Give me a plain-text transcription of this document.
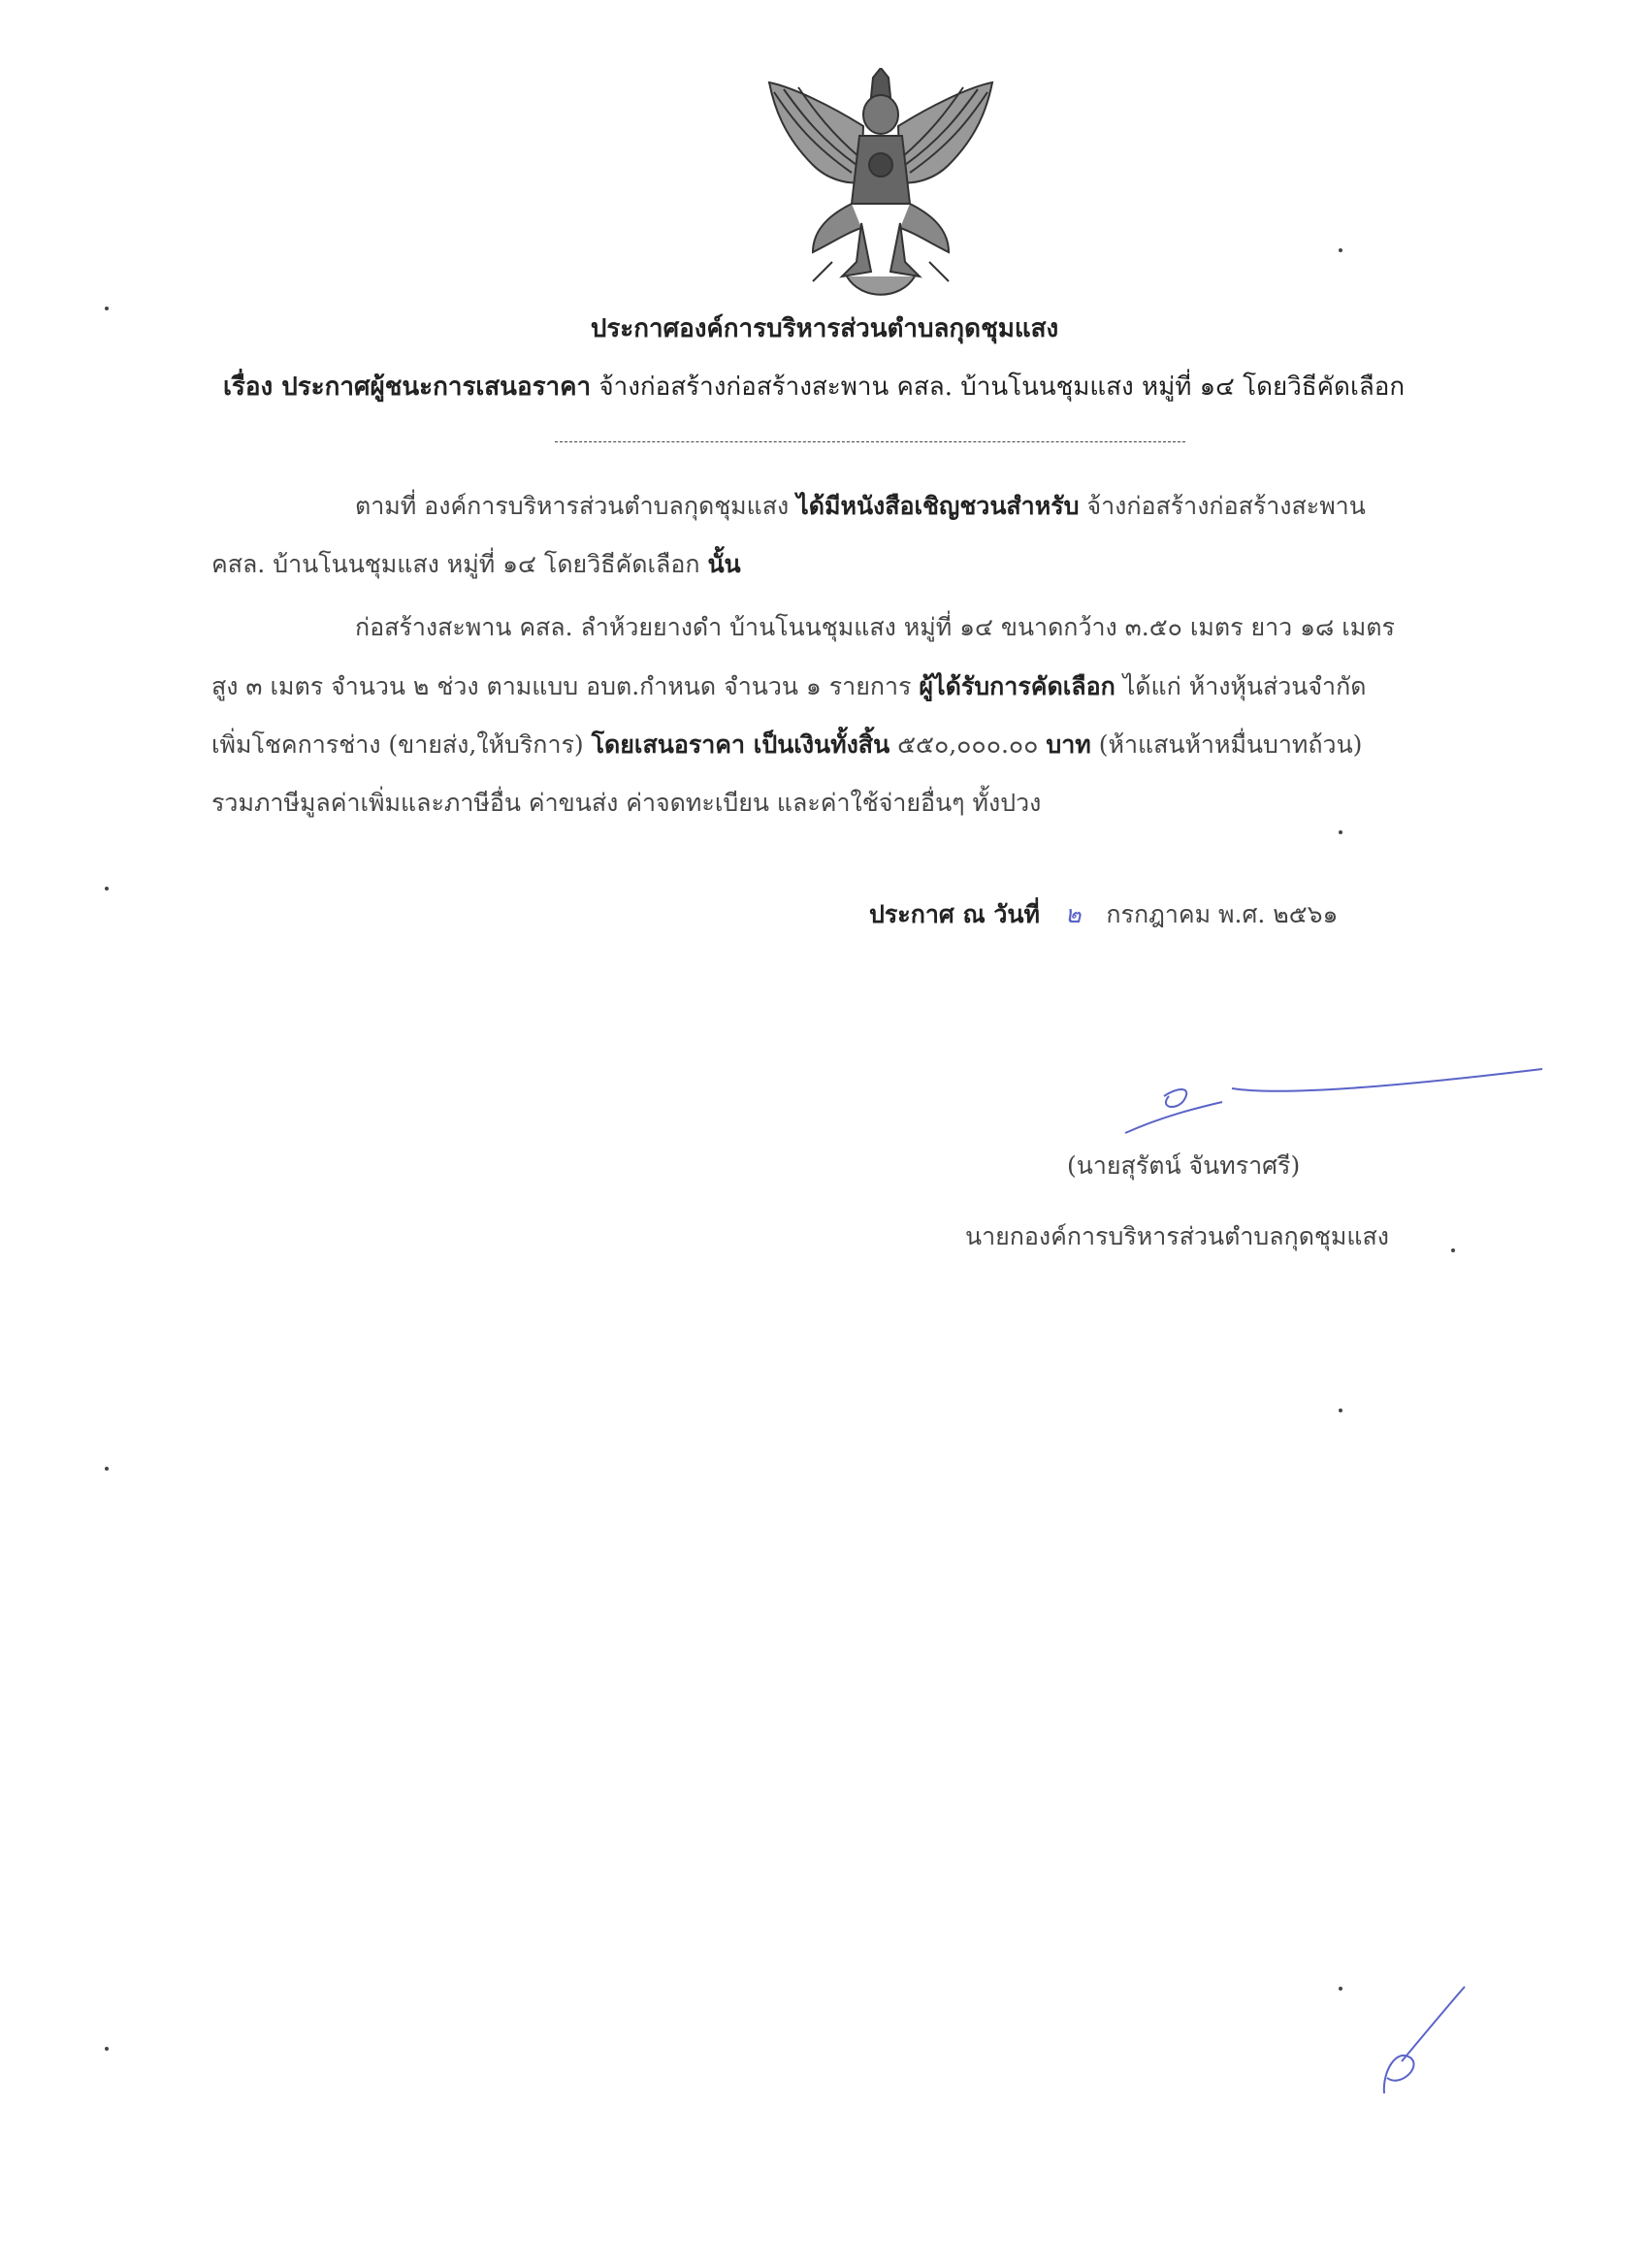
ประกาศองค์การบริหารส่วนตำบลกุดชุมแสง
เรื่อง ประกาศผู้ชนะการเสนอราคา จ้างก่อสร้างก่อสร้างสะพาน คสล. บ้านโนนชุมแสง หมู่ที่ ๑๔ โดยวิธีคัดเลือก
ตามที่ องค์การบริหารส่วนตำบลกุดชุมแสง ได้มีหนังสือเชิญชวนสำหรับ จ้างก่อสร้างก่อสร้างสะพาน
คสล. บ้านโนนชุมแสง หมู่ที่ ๑๔ โดยวิธีคัดเลือก นั้น
ก่อสร้างสะพาน คสล. ลำห้วยยางดำ บ้านโนนชุมแสง หมู่ที่ ๑๔ ขนาดกว้าง ๓.๕๐ เมตร ยาว ๑๘ เมตร
สูง ๓ เมตร จำนวน ๒ ช่วง ตามแบบ อบต.กำหนด จำนวน ๑ รายการ ผู้ได้รับการคัดเลือก ได้แก่ ห้างหุ้นส่วนจำกัด
เพิ่มโชคการช่าง (ขายส่ง,ให้บริการ) โดยเสนอราคา เป็นเงินทั้งสิ้น ๕๕๐,๐๐๐.๐๐ บาท (ห้าแสนห้าหมื่นบาทถ้วน)
รวมภาษีมูลค่าเพิ่มและภาษีอื่น ค่าขนส่ง ค่าจดทะเบียน และค่าใช้จ่ายอื่นๆ ทั้งปวง
ประกาศ ณ วันที่ ๒ กรกฎาคม พ.ศ. ๒๕๖๑
(นายสุรัตน์ จันทราศรี)
นายกองค์การบริหารส่วนตำบลกุดชุมแสง
